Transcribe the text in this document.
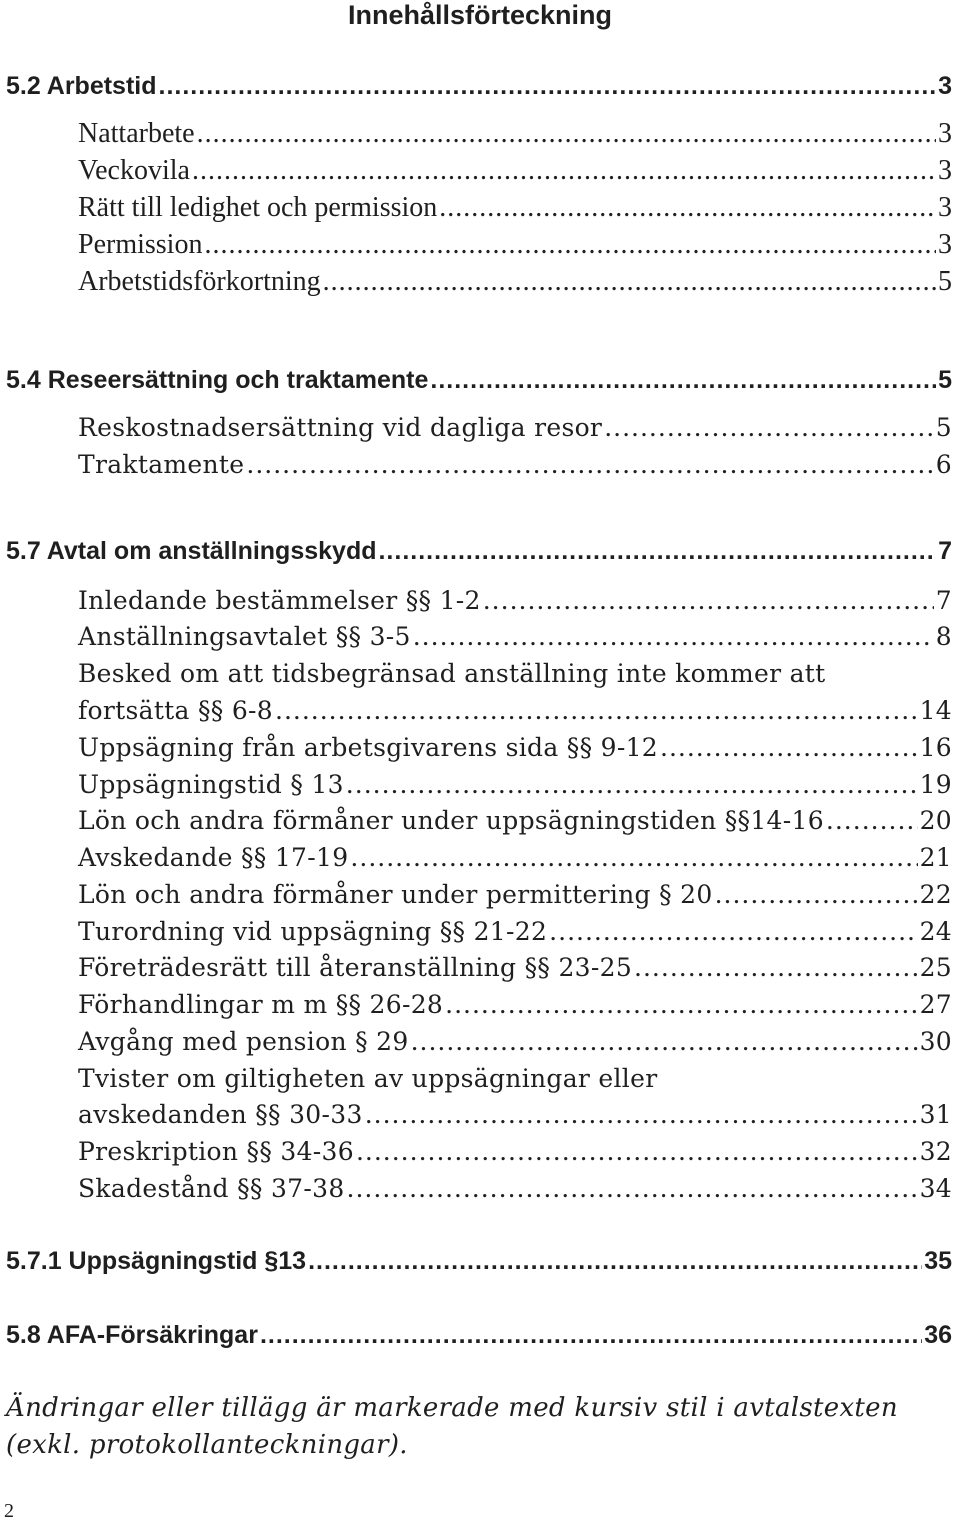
Innehållsförteckning
5.2 Arbetstid .....	3
Nattarbete .....	3
Veckovila .....	3
Rätt till ledighet och permission .....	3
Permission .....	3
Arbetstidsförkortning .....	5
5.4 Reseersättning och traktamente .....	5
Reskostnadsersättning vid dagliga resor .....	5
Traktamente .....	6
5.7 Avtal om anställningsskydd .....	7
Inledande bestämmelser §§ 1-2 .....	7
Anställningsavtalet §§ 3-5 .....	8
Besked om att tidsbegränsad anställning inte kommer att
fortsätta §§ 6-8 .....	14
Uppsägning från arbetsgivarens sida §§ 9-12 .....	16
Uppsägningstid § 13 .....	19
Lön och andra förmåner under uppsägningstiden §§14-16 .....	20
Avskedande §§ 17-19 .....	21
Lön och andra förmåner under permittering § 20 .....	22
Turordning vid uppsägning §§ 21-22 .....	24
Företrädesrätt till återanställning §§ 23-25 .....	25
Förhandlingar m m §§ 26-28 .....	27
Avgång med pension § 29 .....	30
Tvister om giltigheten av uppsägningar eller
avskedanden §§ 30-33 .....	31
Preskription §§ 34-36 .....	32
Skadestånd §§ 37-38 .....	34
5.7.1 Uppsägningstid §13 .....	35
5.8 AFA-Försäkringar .....	36
Ändringar eller tillägg är markerade med kursiv stil i avtalstexten (exkl. protokollanteckningar).
2
